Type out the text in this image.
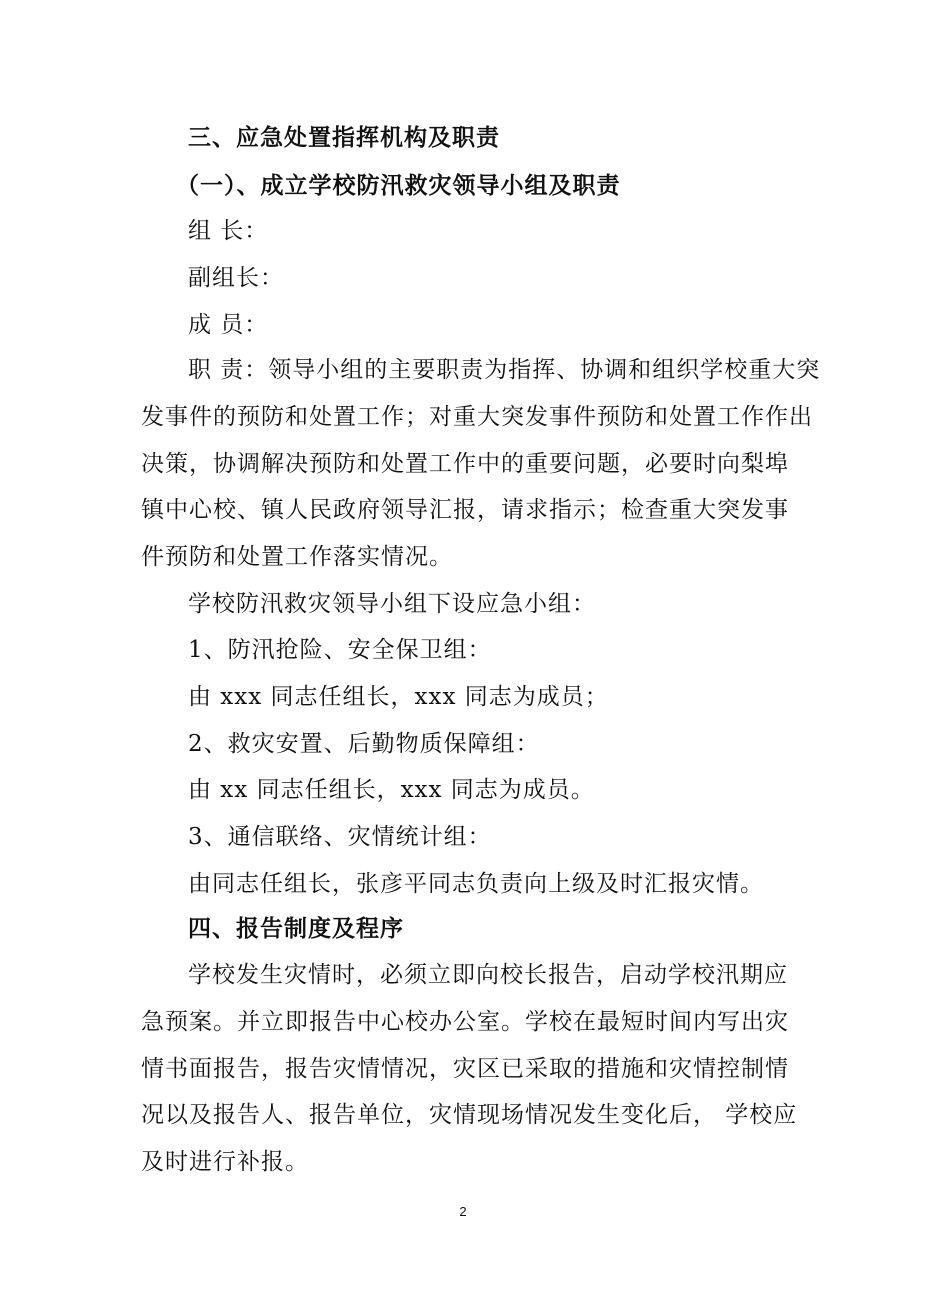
三、应急处置指挥机构及职责

（一）、成立学校防汛救灾领导小组及职责

组 长：

副组长：

成 员：

职 责：领导小组的主要职责为指挥、协调和组织学校重大突

发事件的预防和处置工作；对重大突发事件预防和处置工作作出

决策，协调解决预防和处置工作中的重要问题，必要时向梨埠

镇中心校、镇人民政府领导汇报，请求指示；检查重大突发事

件预防和处置工作落实情况。

学校防汛救灾领导小组下设应急小组：

1、防汛抢险、安全保卫组：

由 xxx 同志任组长，xxx 同志为成员；

2、救灾安置、后勤物质保障组：

由 xx 同志任组长，xxx 同志为成员。

3、通信联络、灾情统计组：

由同志任组长，张彦平同志负责向上级及时汇报灾情。

四、报告制度及程序

学校发生灾情时，必须立即向校长报告，启动学校汛期应

急预案。并立即报告中心校办公室。学校在最短时间内写出灾

情书面报告，报告灾情情况，灾区已采取的措施和灾情控制情

况以及报告人、报告单位，灾情现场情况发生变化后， 学校应

及时进行补报。

2
